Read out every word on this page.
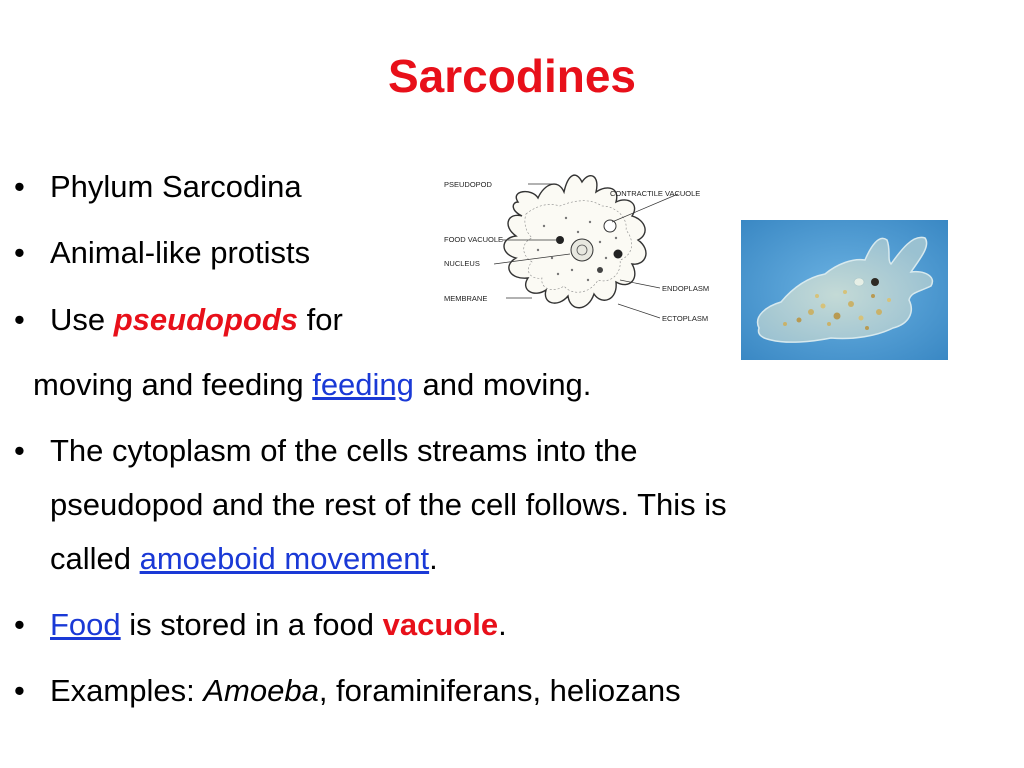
Sarcodines
• Phylum Sarcodina
• Animal-like protists
• Use pseudopods for
moving and feeding feeding and moving.
• The cytoplasm of the cells streams into the
pseudopod and the rest of the cell follows. This is
called amoeboid movement.
• Food is stored in a food vacuole.
• Examples: Amoeba, foraminiferans, heliozans
PSEUDOPOD
CONTRACTILE VACUOLE
FOOD VACUOLE
NUCLEUS
MEMBRANE
ENDOPLASM
ECTOPLASM
